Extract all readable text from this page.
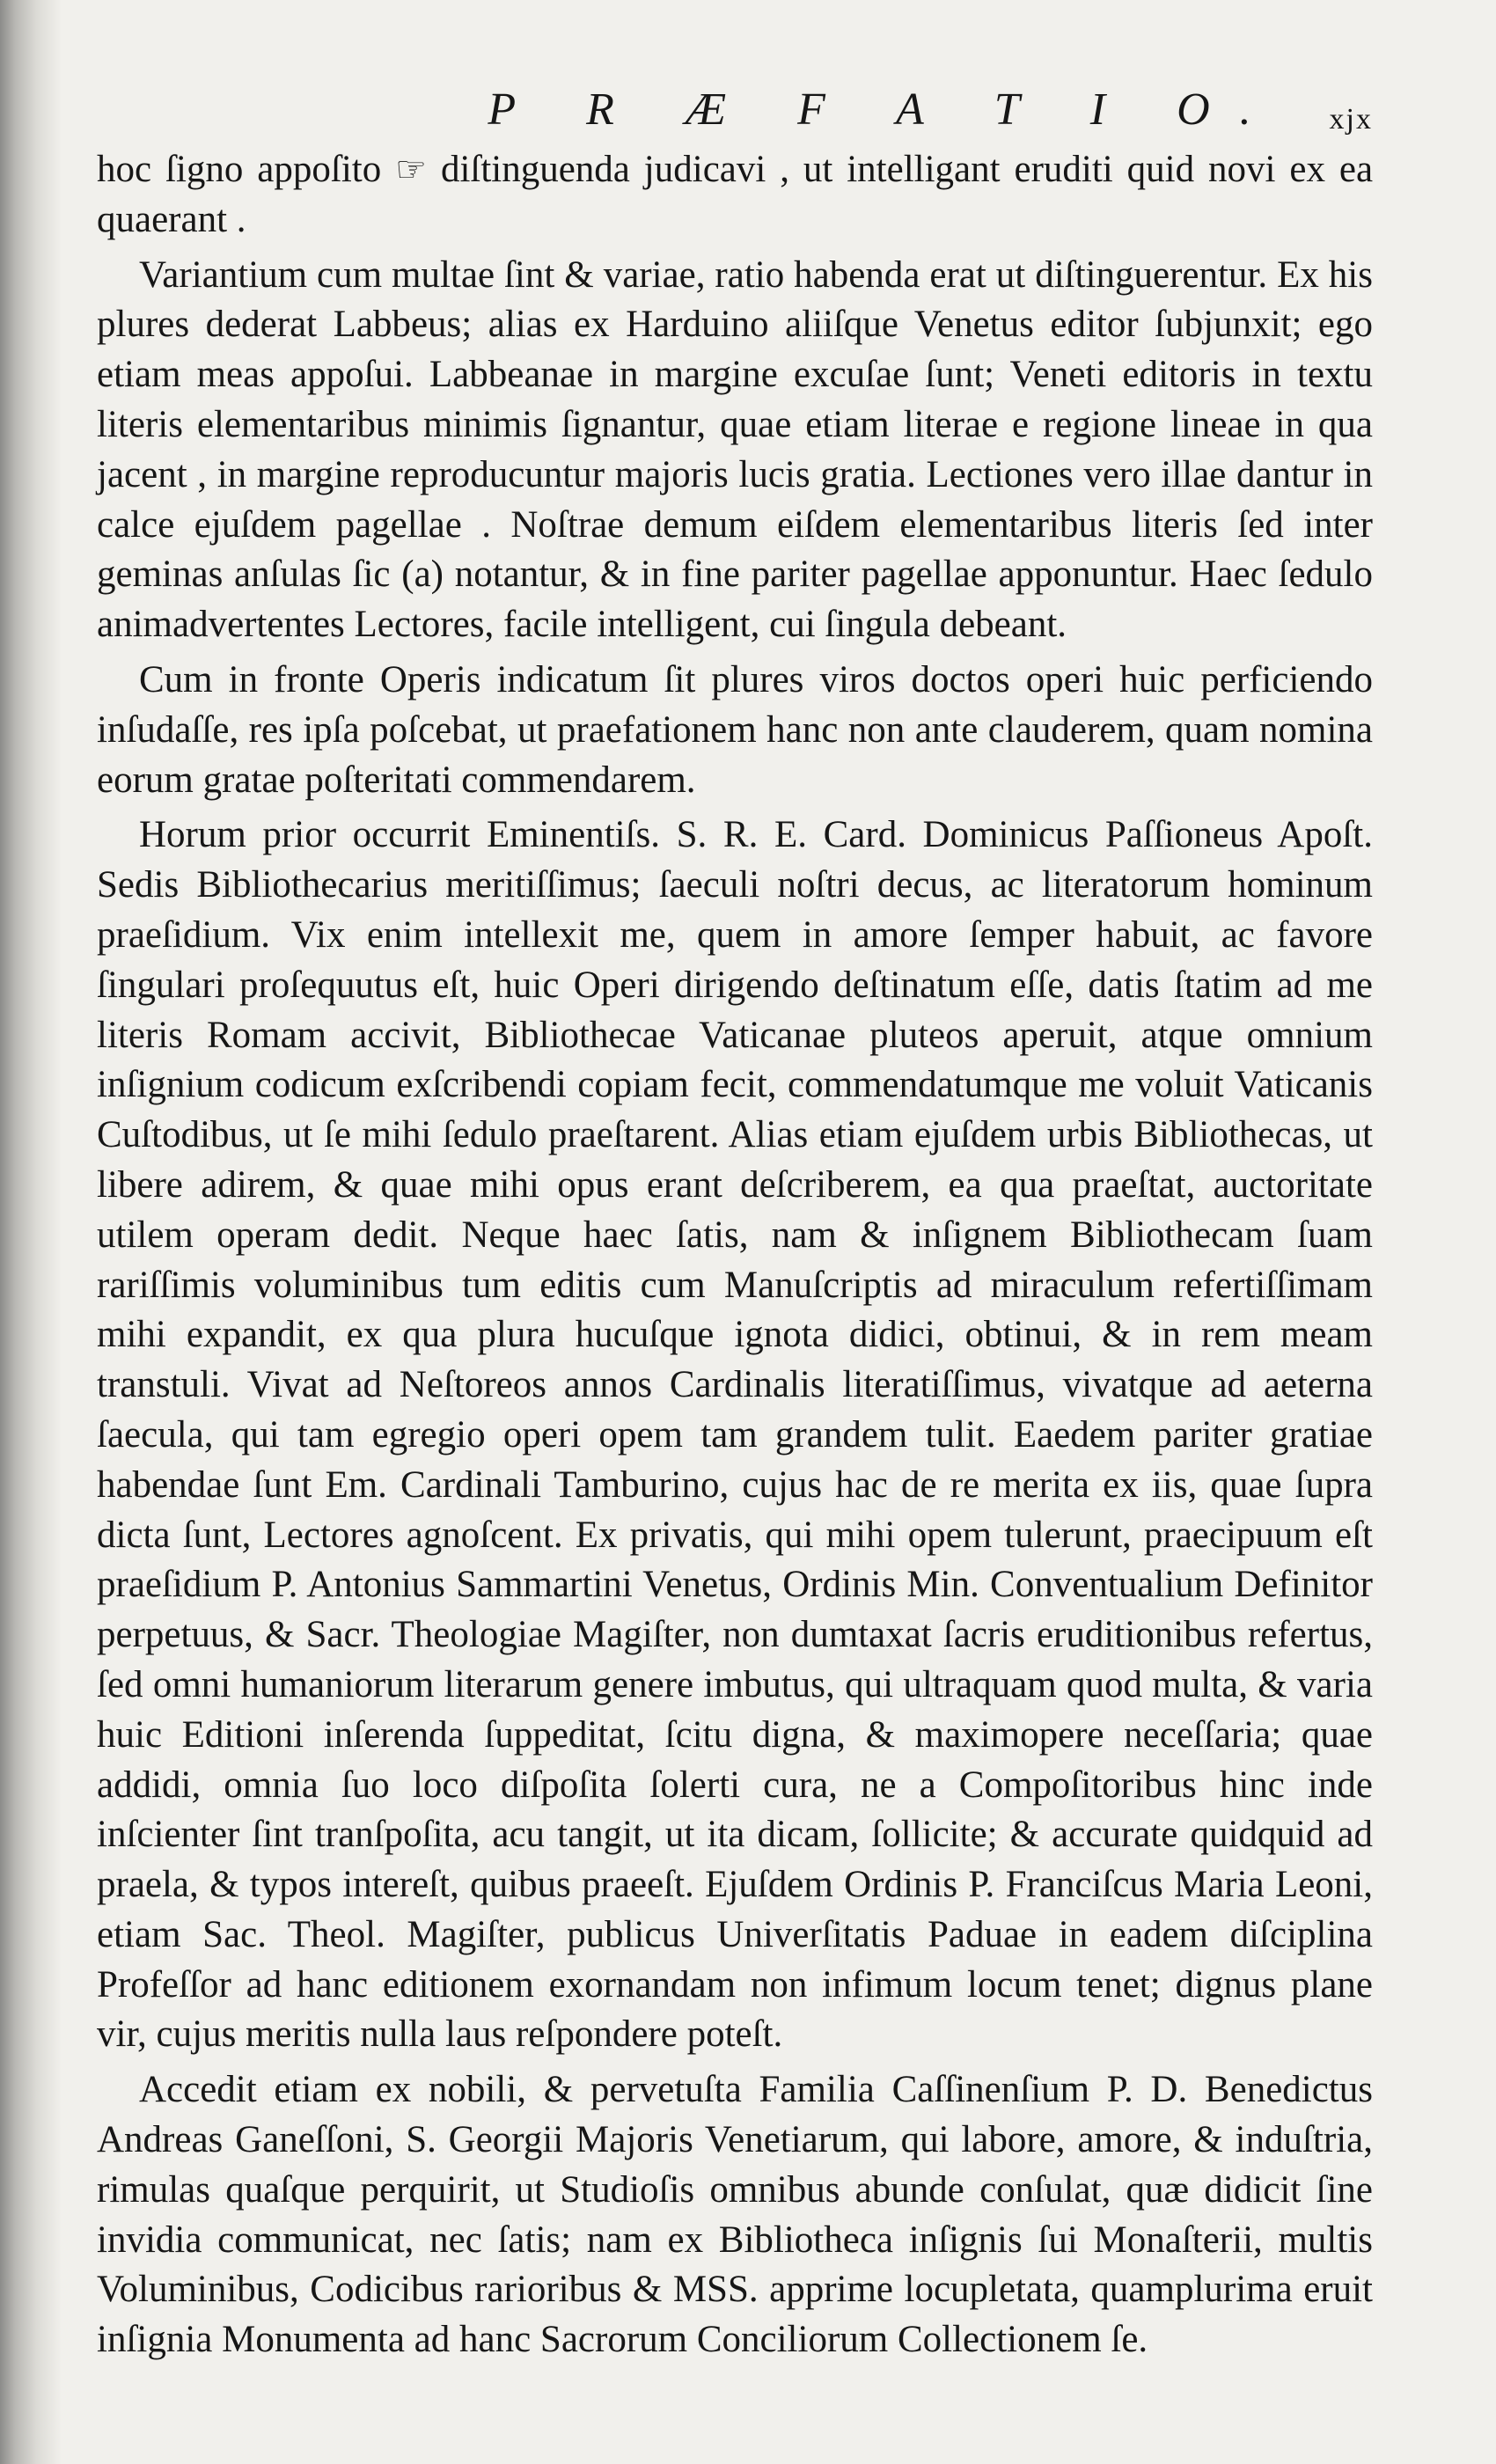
P R Æ F A T I O.	xjx

hoc ſigno appoſito ☞ diſtinguenda judicavi , ut intelligant eruditi quid novi ex ea quaerant .

Variantium cum multae ſint & variae, ratio habenda erat ut diſtinguerentur. Ex his plures dederat Labbeus; alias ex Harduino aliiſque Venetus editor ſubjunxit; ego etiam meas appoſui. Labbeanae in margine excuſae ſunt; Veneti editoris in textu literis elementaribus minimis ſignantur, quae etiam literae e regione lineae in qua jacent , in margine reproducuntur majoris lucis gratia. Lectiones vero illae dantur in calce ejuſdem pagellae . Noſtrae demum eiſdem elementaribus literis ſed inter geminas anſulas ſic (a) notantur, & in fine pariter pagellae apponuntur. Haec ſedulo animadvertentes Lectores, facile intelligent, cui ſingula debeant.

Cum in fronte Operis indicatum ſit plures viros doctos operi huic perficiendo inſudaſſe, res ipſa poſcebat, ut praefationem hanc non ante clauderem, quam nomina eorum gratae poſteritati commendarem.

Horum prior occurrit Eminentiſs. S. R. E. Card. Dominicus Paſſioneus Apoſt. Sedis Bibliothecarius meritiſſimus; ſaeculi noſtri decus, ac literatorum hominum praeſidium. Vix enim intellexit me, quem in amore ſemper habuit, ac favore ſingulari proſequutus eſt, huic Operi dirigendo deſtinatum eſſe, datis ſtatim ad me literis Romam accivit, Bibliothecae Vaticanae pluteos aperuit, atque omnium inſignium codicum exſcribendi copiam fecit, commendatumque me voluit Vaticanis Cuſtodibus, ut ſe mihi ſedulo praeſtarent. Alias etiam ejuſdem urbis Bibliothecas, ut libere adirem, & quae mihi opus erant deſcriberem, ea qua praeſtat, auctoritate utilem operam dedit. Neque haec ſatis, nam & inſignem Bibliothecam ſuam rariſſimis voluminibus tum editis cum Manuſcriptis ad miraculum refertiſſimam mihi expandit, ex qua plura hucuſque ignota didici, obtinui, & in rem meam transtuli. Vivat ad Neſtoreos annos Cardinalis literatiſſimus, vivatque ad aeterna ſaecula, qui tam egregio operi opem tam grandem tulit. Eaedem pariter gratiae habendae ſunt Em. Cardinali Tamburino, cujus hac de re merita ex iis, quae ſupra dicta ſunt, Lectores agnoſcent. Ex privatis, qui mihi opem tulerunt, praecipuum eſt praeſidium P. Antonius Sammartini Venetus, Ordinis Min. Conventualium Definitor perpetuus, & Sacr. Theologiae Magiſter, non dumtaxat ſacris eruditionibus refertus, ſed omni humaniorum literarum genere imbutus, qui ultraquam quod multa, & varia huic Editioni inſerenda ſuppeditat, ſcitu digna, & maximopere neceſſaria; quae addidi, omnia ſuo loco diſpoſita ſolerti cura, ne a Compoſitoribus hinc inde inſcienter ſint tranſpoſita, acu tangit, ut ita dicam, ſollicite; & accurate quidquid ad praela, & typos intereſt, quibus praeeſt. Ejuſdem Ordinis P. Franciſcus Maria Leoni, etiam Sac. Theol. Magiſter, publicus Univerſitatis Paduae in eadem diſciplina Profeſſor ad hanc editionem exornandam non infimum locum tenet; dignus plane vir, cujus meritis nulla laus reſpondere poteſt.

Accedit etiam ex nobili, & pervetuſta Familia Caſſinenſium P. D. Benedictus Andreas Ganeſſoni, S. Georgii Majoris Venetiarum, qui labore, amore, & induſtria, rimulas quaſque perquirit, ut Studioſis omnibus abunde conſulat, quæ didicit ſine invidia communicat, nec ſatis; nam ex Bibliotheca inſignis ſui Monaſterii, multis Voluminibus, Codicibus rarioribus & MSS. apprime locupletata, quamplurima eruit inſignia Monumenta ad hanc Sacrorum Conciliorum Collectionem ſe.
